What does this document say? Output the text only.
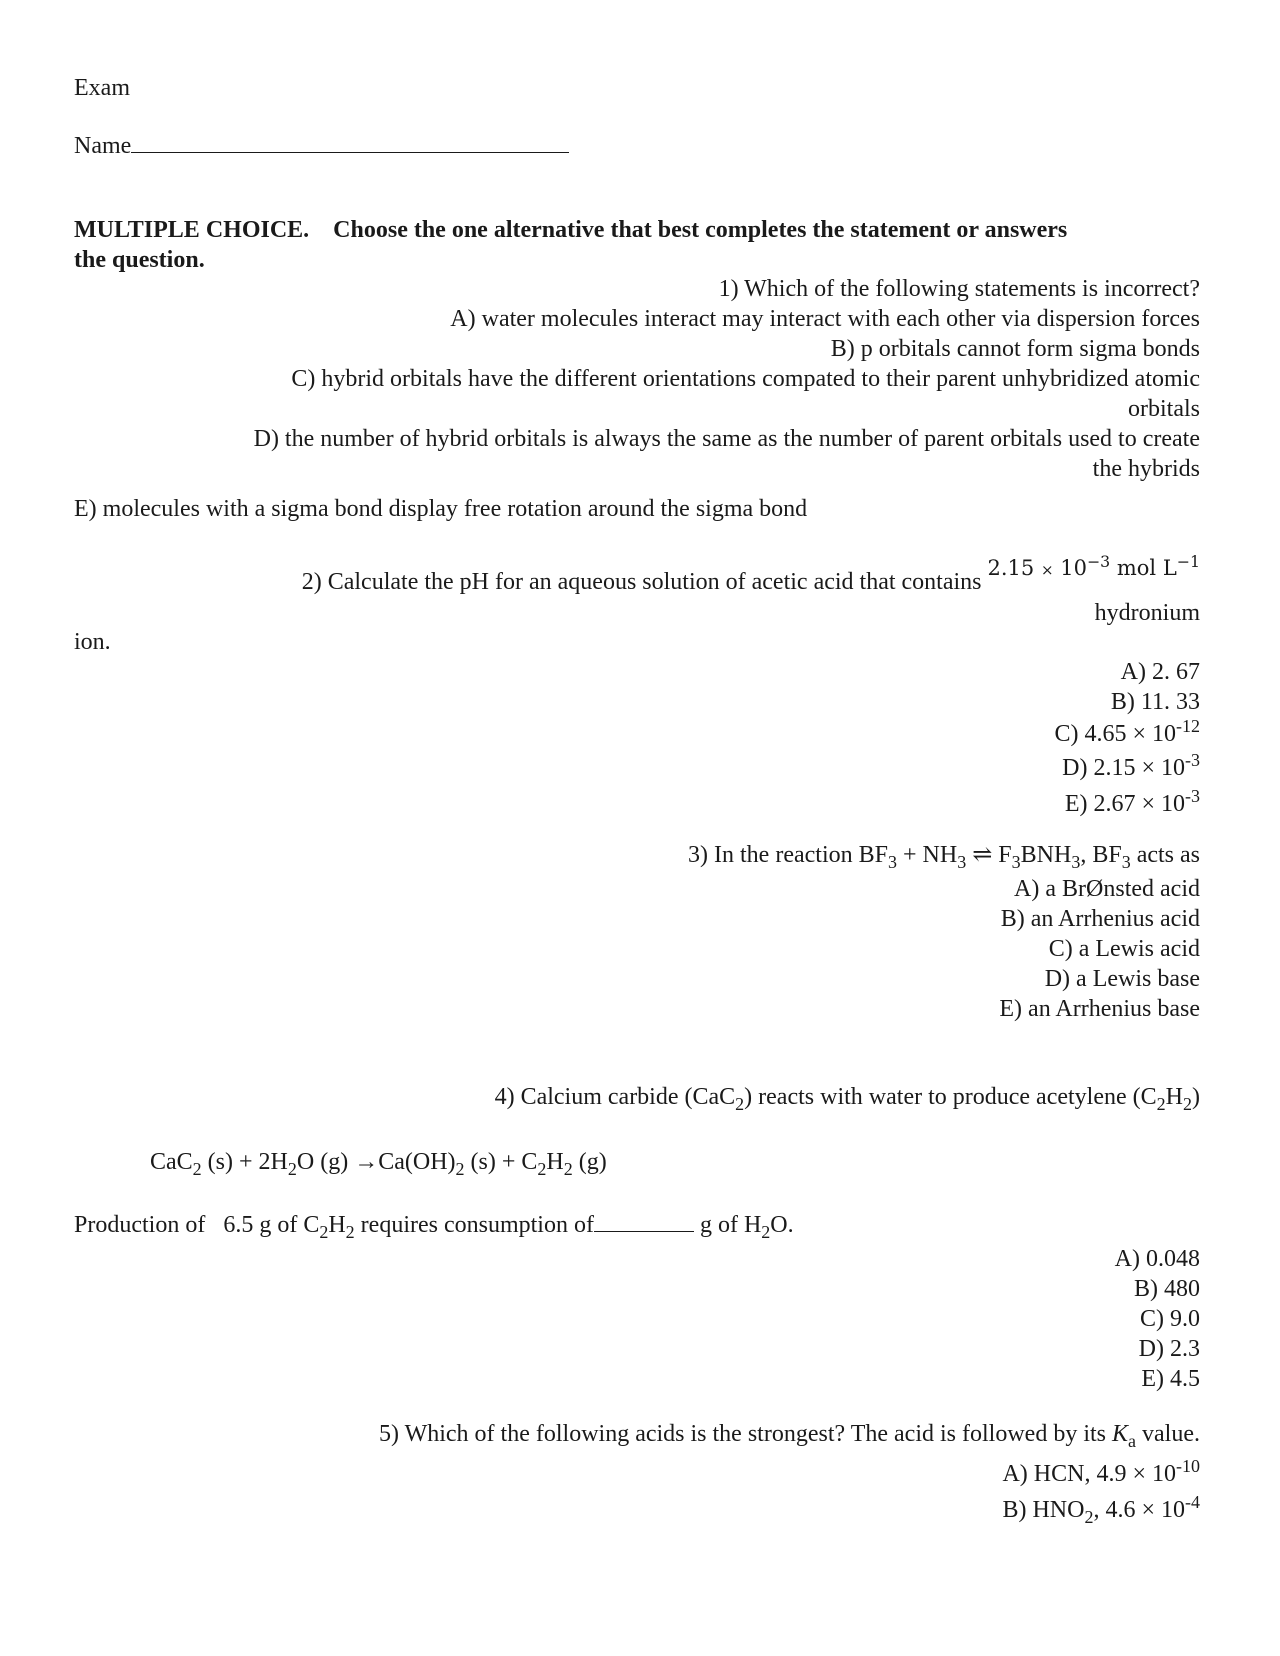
Exam
Name
MULTIPLE CHOICE. Choose the one alternative that best completes the statement or answers
the question.
1) Which of the following statements is incorrect?
A) water molecules interact may interact with each other via dispersion forces
B) p orbitals cannot form sigma bonds
C) hybrid orbitals have the different orientations compated to their parent unhybridized atomic
orbitals
D) the number of hybrid orbitals is always the same as the number of parent orbitals used to create
the hybrids
E) molecules with a sigma bond display free rotation around the sigma bond
2) Calculate the pH for an aqueous solution of acetic acid that contains $2.15 \times 10^{-3}$ mol $L^{-1}$
hydronium
ion.
A) 2. 67
B) 11. 33
C) $4.65 \times 10^{-12}$
D) $2.15 \times 10^{-3}$
E) $2.67 \times 10^{-3}$
3) In the reaction $BF_3 + NH_3$ ⇌ $F_3BNH_3$, $BF_3$ acts as
A) a BrØnsted acid
B) an Arrhenius acid
C) a Lewis acid
D) a Lewis base
E) an Arrhenius base
4) Calcium carbide (CaC$_2$) reacts with water to produce acetylene $(C_2H_2)$
CaC$_2$ $(s) + 2H_2O$ $(g) \to Ca(OH)_2$ $(s) + C_2H_2$ (g)
Production of 6.5 g of $C_2H_2$ requires consumption of	g of $H_2O$.
A) 0.048
B) 480
C) 9.0
D) 2.3
E) 4.5
5) Which of the following acids is the strongest? The acid is followed by its $K_a$ value.
A) HCN, $4.9 \times 10^{-10}$
B) $HNO_2$, $4.6 \times 10^{-4}$
